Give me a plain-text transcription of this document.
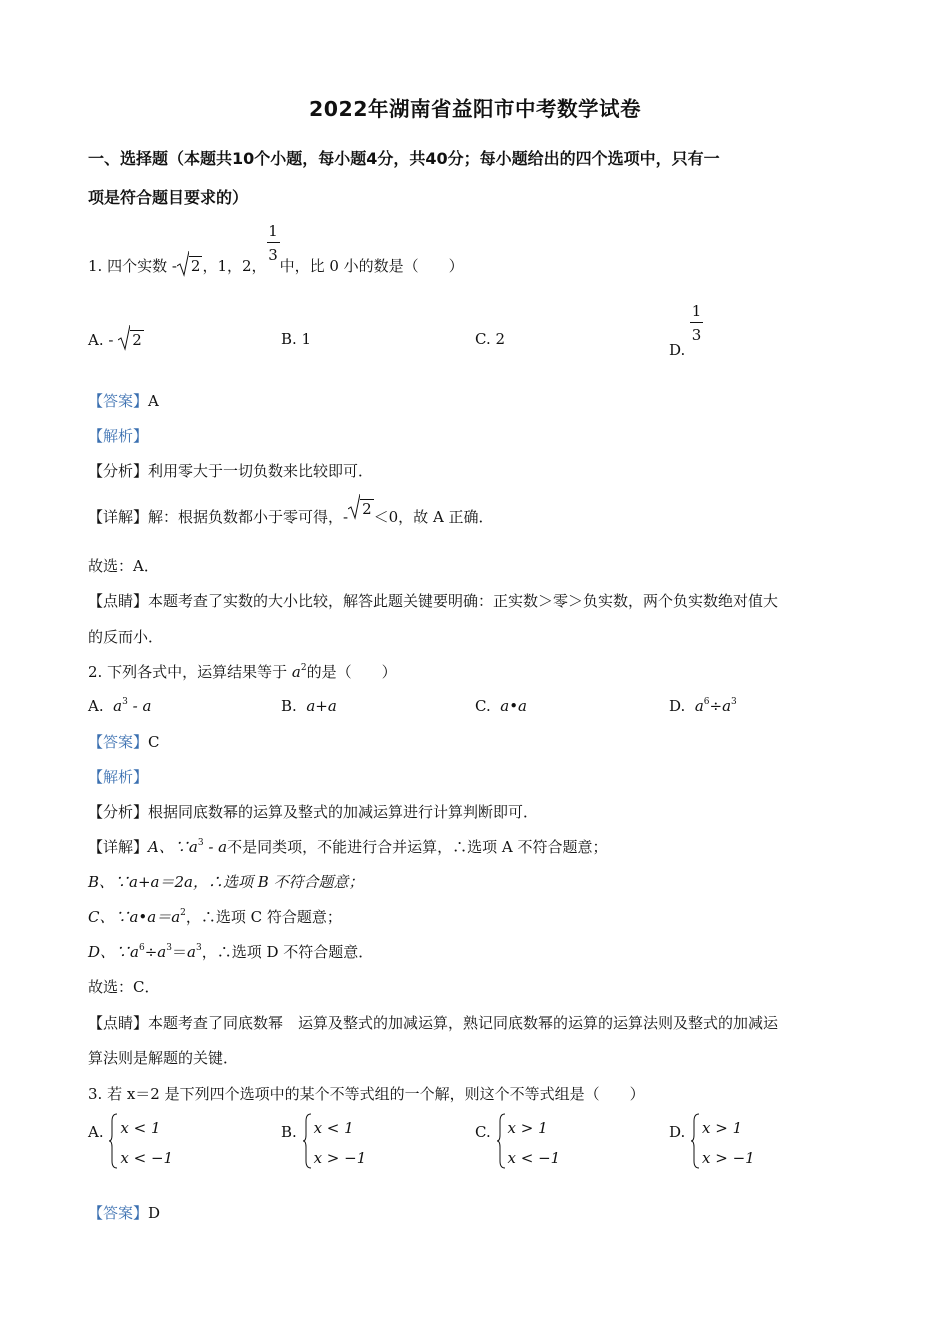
2022年湖南省益阳市中考数学试卷
一、选择题（本题共10个小题，每小题4分，共40分；每小题给出的四个选项中，只有一
项是符合题目要求的）
1. 四个实数 - 2 ，1，2，
$\frac{1}{3}$
中，比 0 小的数是（　　）
A. - 2	B. 1	C. 2
D.
$\frac{1}{3}$
【答案】A
【解析】
【分析】利用零大于一切负数来比较即可．
【详解】解：根据负数都小于零可得，- 2 ＜0，故 A 正确．
故选：A．
【点睛】本题考查了实数的大小比较，解答此题关键要明确：正实数＞零＞负实数，两个负实数绝对值大
的反而小．
2. 下列各式中，运算结果等于 $a^2$的是（　　）
A. $a^3$ - a	B. a+a	C. a•a	D. $a^6\div a^3$
【答案】C
【解析】
【分析】根据同底数幂的运算及整式的加减运算进行计算判断即可．
【详解】A、$\because a^3$ - a不是同类项，不能进行合并运算，∴选项 A 不符合题意；
B、∵a+a＝2a，∴选项 B 不符合题意；
C、$\because a•a=a^2$，∴选项 C 符合题意；
D、$\because a^6\div a^3=a^3$，∴选项 D 不符合题意．
故选：C．
【点睛】本题考查了同底数幂　运算及整式的加减运算，熟记同底数幂的运算的运算法则及整式的加减运
算法则是解题的关键．
3. 若 x＝2 是下列四个选项中的某个不等式组的一个解，则这个不等式组是（　　）
A. x < 1
x < −1
B. x < 1
x > −1
C. x > 1
x < −1
D. x > 1
x > −1
【答案】D
